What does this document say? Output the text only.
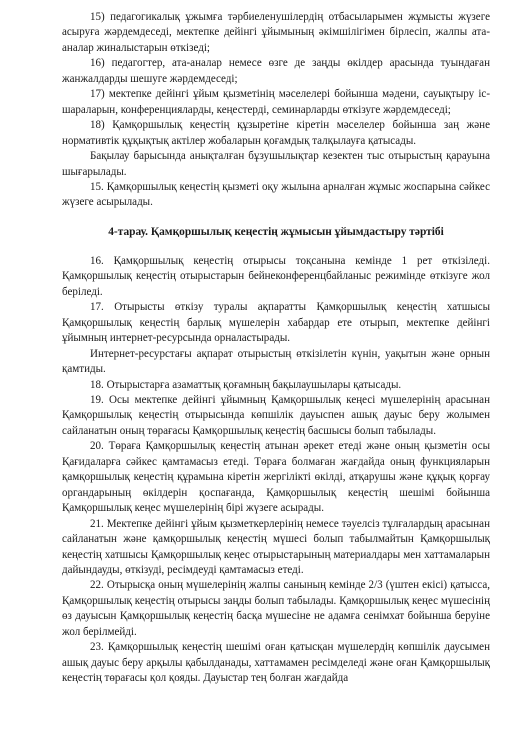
15) педагогикалық ұжымға тәрбиеленушілердің отбасыларымен жұмысты жүзеге асыруға жәрдемдеседі, мектепке дейінгі ұйымының әкімшілігімен бірлесіп, жалпы ата-аналар жиналыстарын өткізеді;

16) педагогтер, ата-аналар немесе өзге де заңды өкілдер арасында туындаған жанжалдарды шешуге жәрдемдеседі;

17) мектепке дейінгі ұйым қызметінің мәселелері бойынша мәдени, сауықтыру іс-шараларын, конференцияларды, кеңестерді, семинарларды өткізуге жәрдемдеседі;

18) Қамқоршылық кеңестің құзыретіне кіретін мәселелер бойынша заң және нормативтік құқықтық актілер жобаларын қоғамдық талқылауға қатысады.

Бақылау барысында анықталған бұзушылықтар кезектен тыс отырыстың қарауына шығарылады.

15. Қамқоршылық кеңестің қызметі оқу жылына арналған жұмыс жоспарына сәйкес жүзеге асырылады.

4-тарау. Қамқоршылық кеңестің жұмысын ұйымдастыру тәртібі

16. Қамқоршылық кеңестің отырысы тоқсанына кемінде 1 рет өткізіледі. Қамқоршылық кеңестің отырыстарын бейнеконференцбайланыс режимінде өткізуге жол беріледі.

17. Отырысты өткізу туралы ақпаратты Қамқоршылық кеңестің хатшысы Қамқоршылық кеңестің барлық мүшелерін хабардар ете отырып, мектепке дейінгі ұйымның интернет-ресурсында орналастырады.

Интернет-ресурстағы ақпарат отырыстың өткізілетін күнін, уақытын және орнын қамтиды.

18. Отырыстарға азаматтық қоғамның бақылаушылары қатысады.

19. Осы мектепке дейінгі ұйымның Қамқоршылық кеңесі мүшелерінің арасынан Қамқоршылық кеңестің отырысында көпшілік дауыспен ашық дауыс беру жолымен сайланатын оның төрағасы Қамқоршылық кеңестің басшысы болып табылады.

20. Төраға Қамқоршылық кеңестің атынан әрекет етеді және оның қызметін осы Қағидаларға сәйкес қамтамасыз етеді. Төраға болмаған жағдайда оның функцияларын қамқоршылық кеңестің құрамына кіретін жергілікті өкілді, атқарушы және құқық қорғау органдарының өкілдерін қоспағанда, Қамқоршылық кеңестің шешімі бойынша Қамқоршылық кеңес мүшелерінің бірі жүзеге асырады.

21. Мектепке дейінгі ұйым қызметкерлерінің немесе тәуелсіз тұлғалардың арасынан сайланатын және қамқоршылық кеңестің мүшесі болып табылмайтын Қамқоршылық кеңестің хатшысы Қамқоршылық кеңес отырыстарының материалдары мен хаттамаларын дайындауды, өткізуді, ресімдеуді қамтамасыз етеді.

22. Отырысқа оның мүшелерінің жалпы санының кемінде 2/3 (үштен екісі) қатысса, Қамқоршылық кеңестің отырысы заңды болып табылады. Қамқоршылық кеңес мүшесінің өз дауысын Қамқоршылық кеңестің басқа мүшесіне не адамға сенімхат бойынша беруіне жол берілмейді.

23. Қамқоршылық кеңестің шешімі оған қатысқан мүшелердің көпшілік даусымен ашық дауыс беру арқылы қабылданады, хаттамамен ресімделеді және оған Қамқоршылық кеңестің төрағасы қол қояды. Дауыстар тең болған жағдайда
